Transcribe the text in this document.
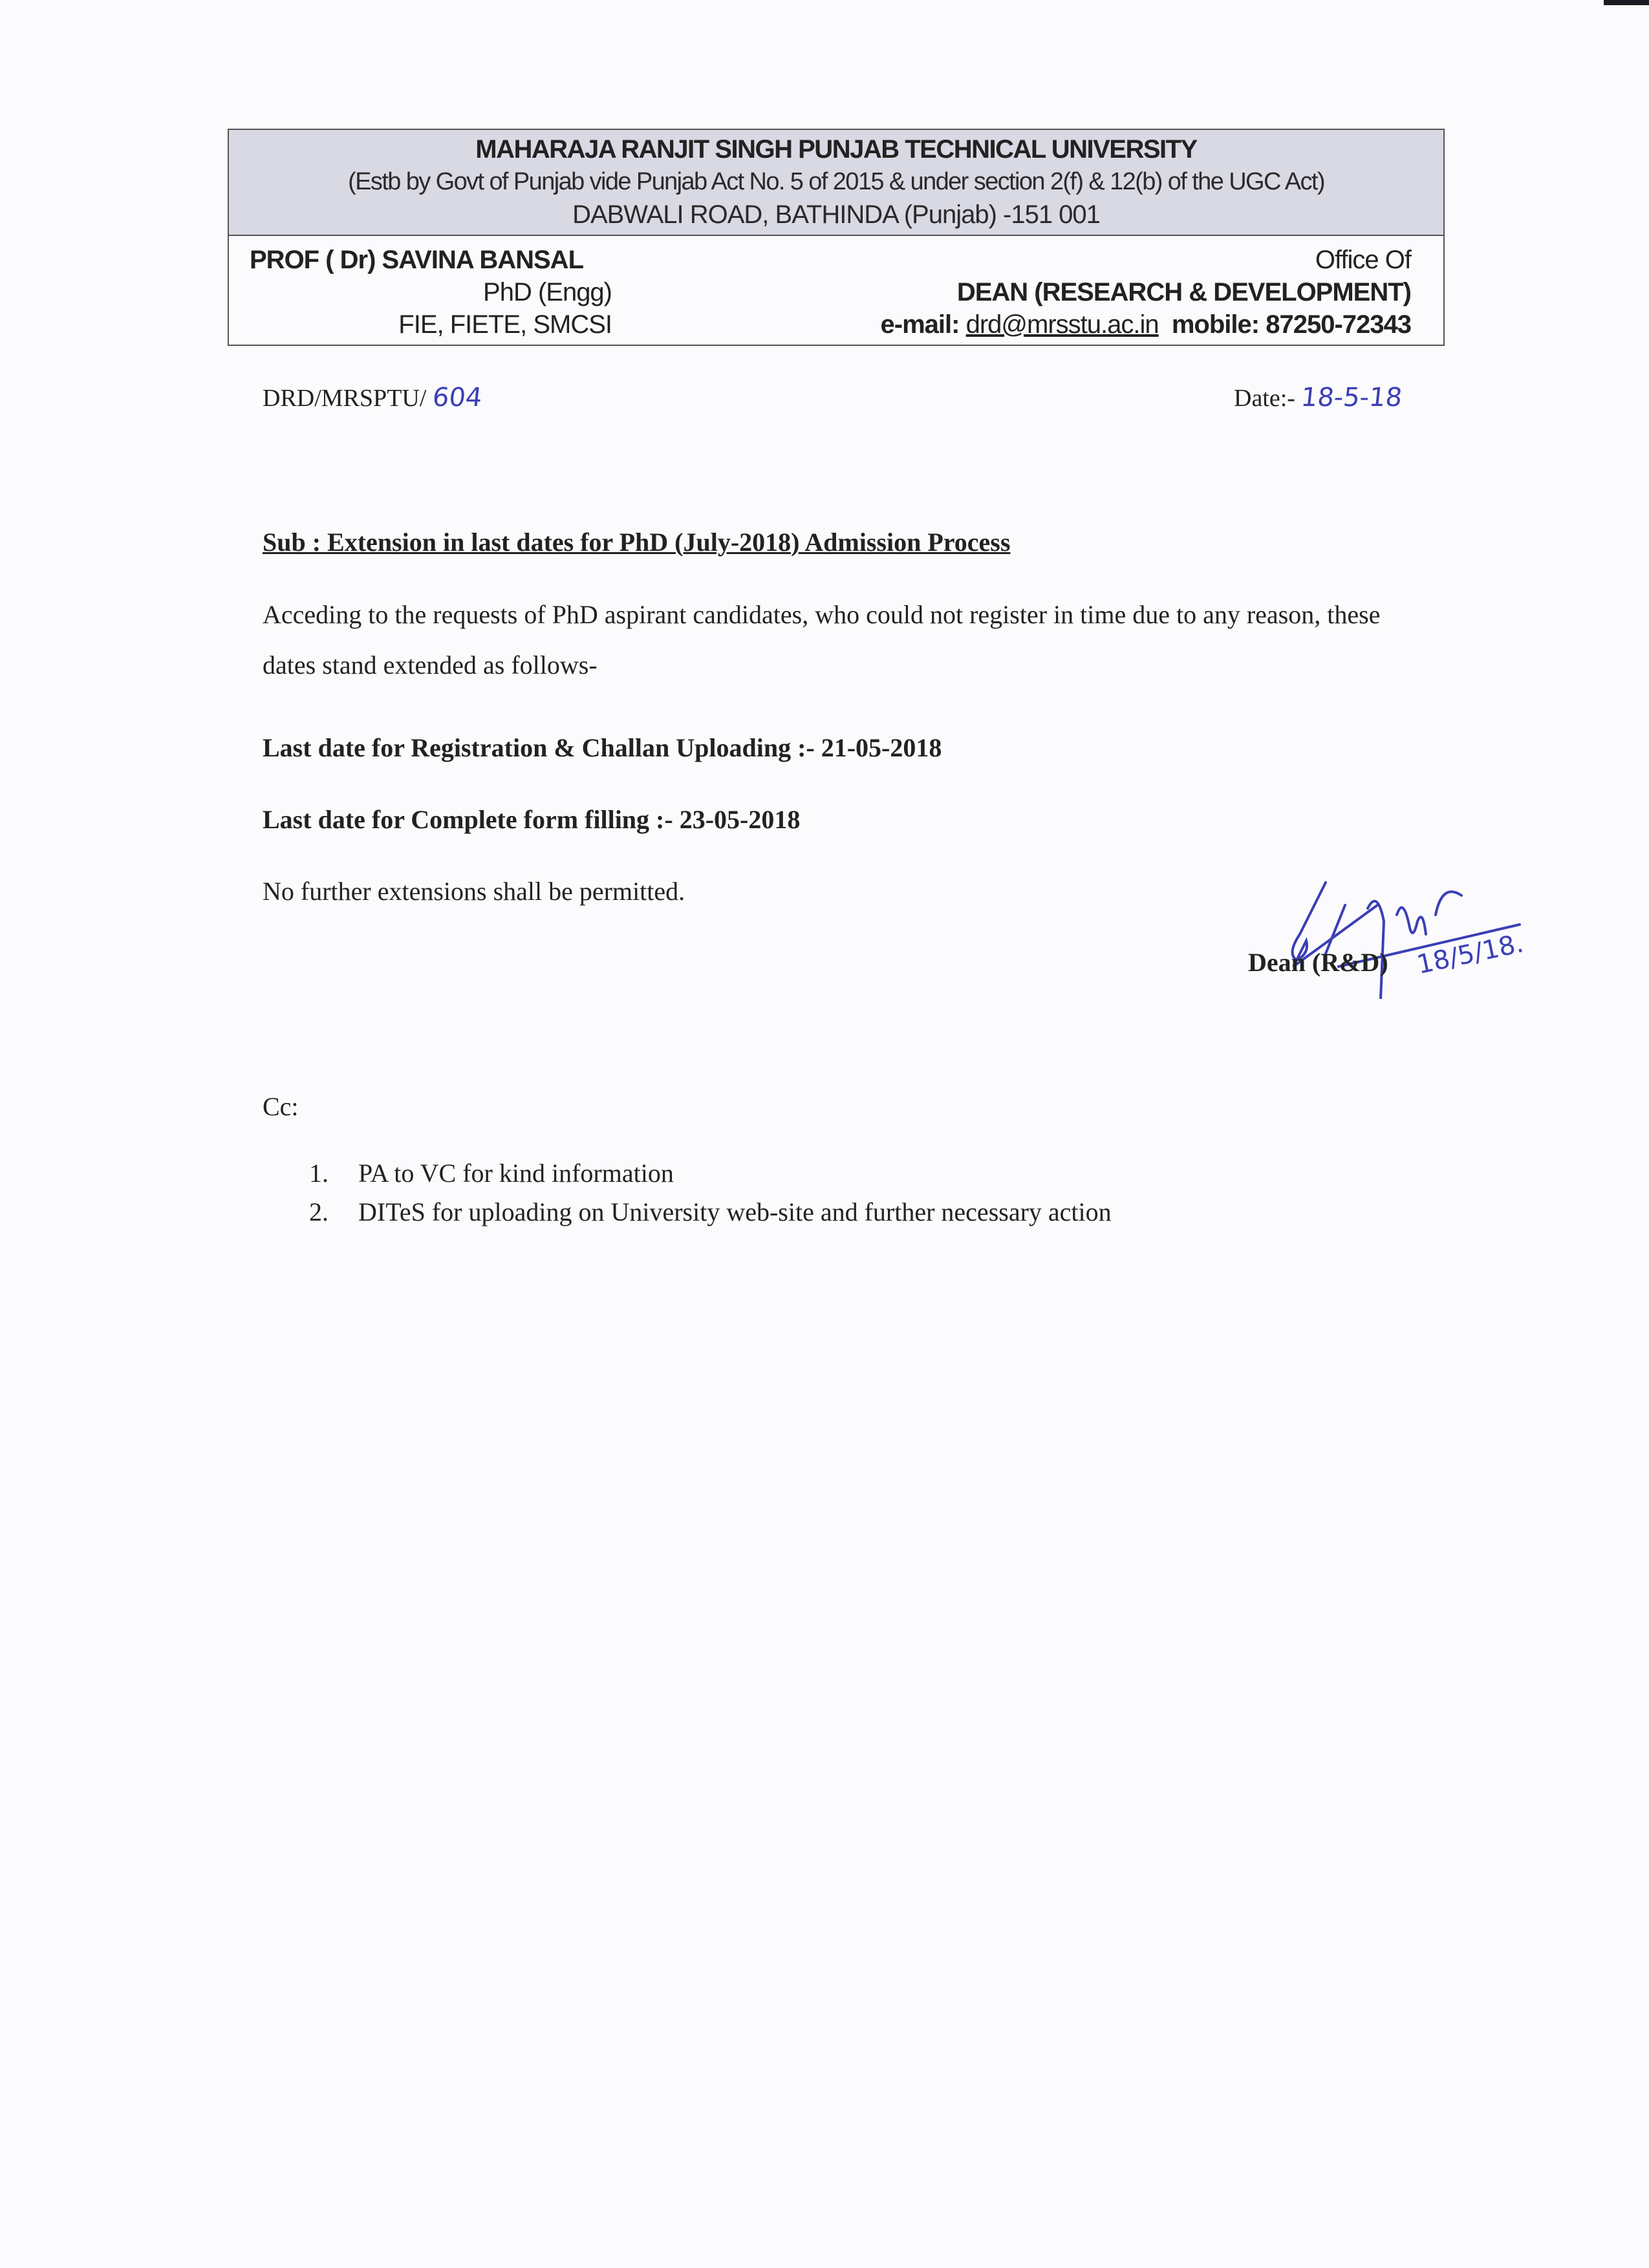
MAHARAJA RANJIT SINGH PUNJAB TECHNICAL UNIVERSITY
(Estb by Govt of Punjab vide Punjab Act No. 5 of 2015 & under section 2(f) & 12(b) of the UGC Act)
DABWALI ROAD, BATHINDA (Punjab) -151 001
PROF ( Dr) SAVINA BANSAL
PhD (Engg)
FIE, FIETE, SMCSI
Office Of
DEAN (RESEARCH & DEVELOPMENT)
e-mail: drd@mrsstu.ac.in mobile: 87250-72343
DRD/MRSPTU/ 604	Date:- 18-5-18
Sub : Extension in last dates for PhD (July-2018) Admission Process
Acceding to the requests of PhD aspirant candidates, who could not register in time due to any reason, these dates stand extended as follows-
Last date for Registration & Challan Uploading :- 21-05-2018
Last date for Complete form filling :- 23-05-2018
No further extensions shall be permitted.
Dean (R&D) 18/5/18.
Cc:
1. PA to VC for kind information
2. DITeS for uploading on University web-site and further necessary action
